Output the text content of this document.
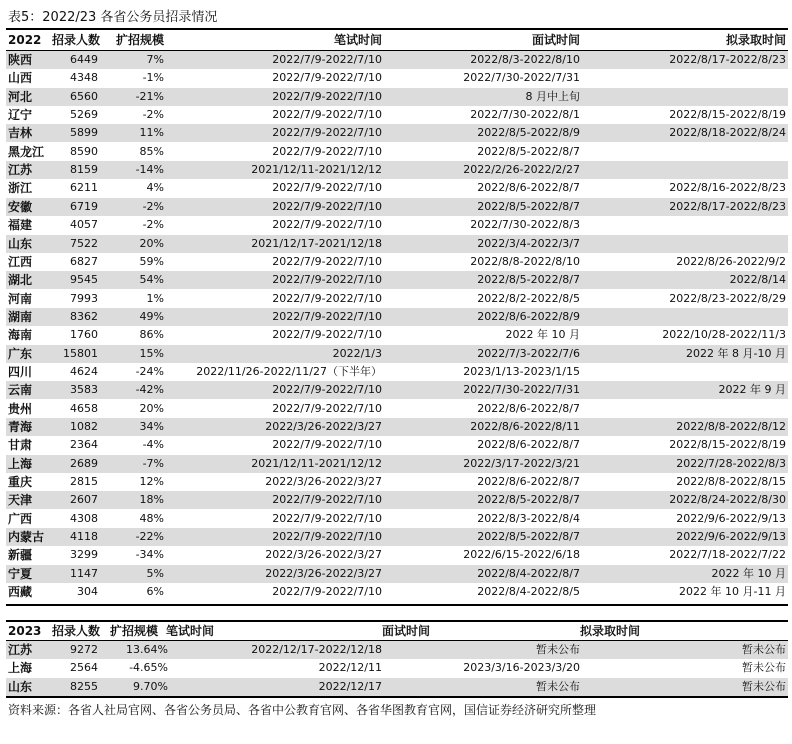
表5：2022/23 各省公务员招录情况
2022 招录人数 扩招规模	笔试时间	面试时间	拟录取时间
陕西	6449	7%	2022/7/9-2022/7/10	2022/8/3-2022/8/10	2022/8/17-2022/8/23
山西	4348	-1%	2022/7/9-2022/7/10	2022/7/30-2022/7/31
河北	6560	-21%	2022/7/9-2022/7/10	8 月中上旬
辽宁	5269	-2%	2022/7/9-2022/7/10	2022/7/30-2022/8/1	2022/8/15-2022/8/19
吉林	5899	11%	2022/7/9-2022/7/10	2022/8/5-2022/8/9	2022/8/18-2022/8/24
黑龙江 8590	85%	2022/7/9-2022/7/10	2022/8/5-2022/8/7
江苏	8159	-14%	2021/12/11-2021/12/12	2022/2/26-2022/2/27
浙江	6211	4%	2022/7/9-2022/7/10	2022/8/6-2022/8/7	2022/8/16-2022/8/23
安徽	6719	-2%	2022/7/9-2022/7/10	2022/8/5-2022/8/7	2022/8/17-2022/8/23
福建	4057	-2%	2022/7/9-2022/7/10	2022/7/30-2022/8/3
山东	7522	20%	2021/12/17-2021/12/18	2022/3/4-2022/3/7
江西	6827	59%	2022/7/9-2022/7/10	2022/8/8-2022/8/10	2022/8/26-2022/9/2
湖北	9545	54%	2022/7/9-2022/7/10	2022/8/5-2022/8/7	2022/8/14
河南	7993	1%	2022/7/9-2022/7/10	2022/8/2-2022/8/5	2022/8/23-2022/8/29
湖南	8362	49%	2022/7/9-2022/7/10	2022/8/6-2022/8/9
海南	1760	86%	2022/7/9-2022/7/10	2022 年 10 月	2022/10/28-2022/11/3
广东	15801	15%	2022/1/3	2022/7/3-2022/7/6	2022 年 8 月-10 月
四川	4624	-24%	2022/11/26-2022/11/27（下半年）	2023/1/13-2023/1/15
云南	3583	-42%	2022/7/9-2022/7/10	2022/7/30-2022/7/31	2022 年 9 月
贵州	4658	20%	2022/7/9-2022/7/10	2022/8/6-2022/8/7
青海	1082	34%	2022/3/26-2022/3/27	2022/8/6-2022/8/11	2022/8/8-2022/8/12
甘肃	2364	-4%	2022/7/9-2022/7/10	2022/8/6-2022/8/7	2022/8/15-2022/8/19
上海	2689	-7%	2021/12/11-2021/12/12	2022/3/17-2022/3/21	2022/7/28-2022/8/3
重庆	2815	12%	2022/3/26-2022/3/27	2022/8/6-2022/8/7	2022/8/8-2022/8/15
天津	2607	18%	2022/7/9-2022/7/10	2022/8/5-2022/8/7	2022/8/24-2022/8/30
广西	4308	48%	2022/7/9-2022/7/10	2022/8/3-2022/8/4	2022/9/6-2022/9/13
内蒙古 4118	-22%	2022/7/9-2022/7/10	2022/8/5-2022/8/7	2022/9/6-2022/9/13
新疆	3299	-34%	2022/3/26-2022/3/27	2022/6/15-2022/6/18	2022/7/18-2022/7/22
宁夏	1147	5%	2022/3/26-2022/3/27	2022/8/4-2022/8/7	2022 年 10 月
西藏	304	6%	2022/7/9-2022/7/10	2022/8/4-2022/8/5	2022 年 10 月-11 月
2023 招录人数 扩招规模 笔试时间	面试时间	拟录取时间
江苏	9272	13.64%	2022/12/17-2022/12/18	暂未公布	暂未公布
上海	2564	-4.65%	2022/12/11	2023/3/16-2023/3/20	暂未公布
山东	8255	9.70%	2022/12/17	暂未公布	暂未公布
资料来源：各省人社局官网、各省公务员局、各省中公教育官网、各省华图教育官网，国信证券经济研究所整理
